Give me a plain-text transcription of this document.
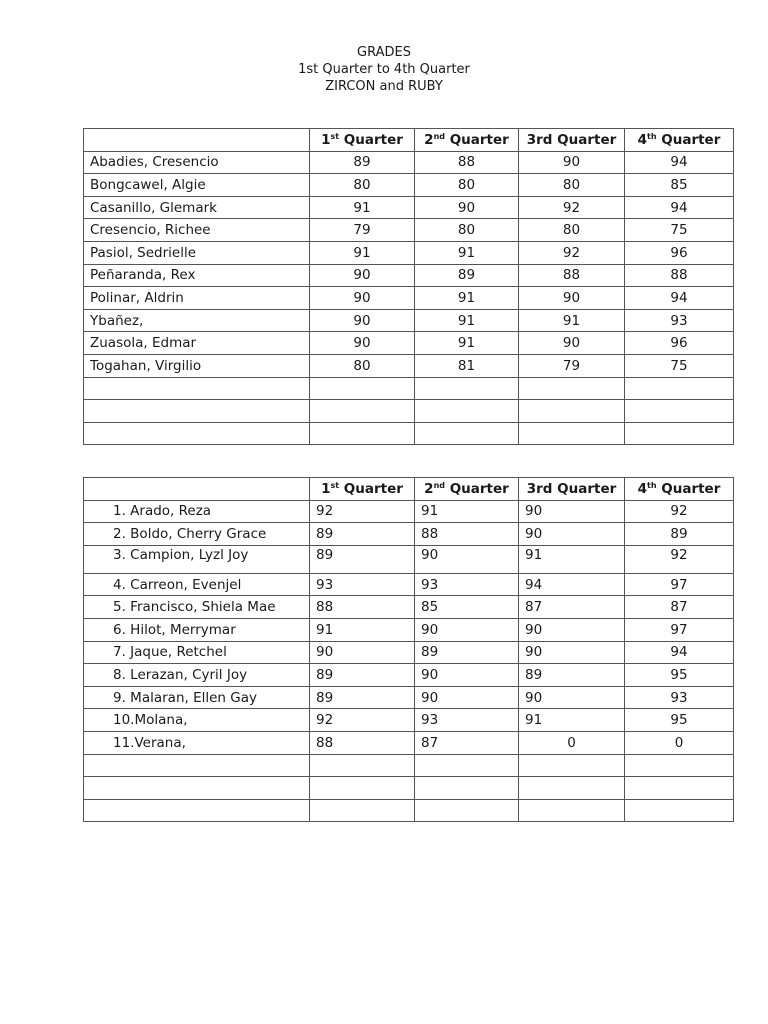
GRADES
1st Quarter to 4th Quarter
ZIRCON and RUBY
	1st Quarter	2nd Quarter	3rd Quarter	4th Quarter
Abadies, Cresencio	89	88	90	94
Bongcawel, Algie	80	80	80	85
Casanillo, Glemark	91	90	92	94
Cresencio, Richee	79	80	80	75
Pasiol, Sedrielle	91	91	92	96
Peñaranda, Rex	90	89	88	88
Polinar, Aldrin	90	91	90	94
Ybañez,	90	91	91	93
Zuasola, Edmar	90	91	90	96
Togahan, Virgilio	80	81	79	75

	1st Quarter	2nd Quarter	3rd Quarter	4th Quarter
1. Arado, Reza	92	91	90	92
2. Boldo, Cherry Grace	89	88	90	89
3. Campion, Lyzl Joy	89	90	91	92
4. Carreon, Evenjel	93	93	94	97
5. Francisco, Shiela Mae	88	85	87	87
6. Hilot, Merrymar	91	90	90	97
7. Jaque, Retchel	90	89	90	94
8. Lerazan, Cyril Joy	89	90	89	95
9. Malaran, Ellen Gay	89	90	90	93
10.Molana,	92	93	91	95
11.Verana,	88	87	0	0
